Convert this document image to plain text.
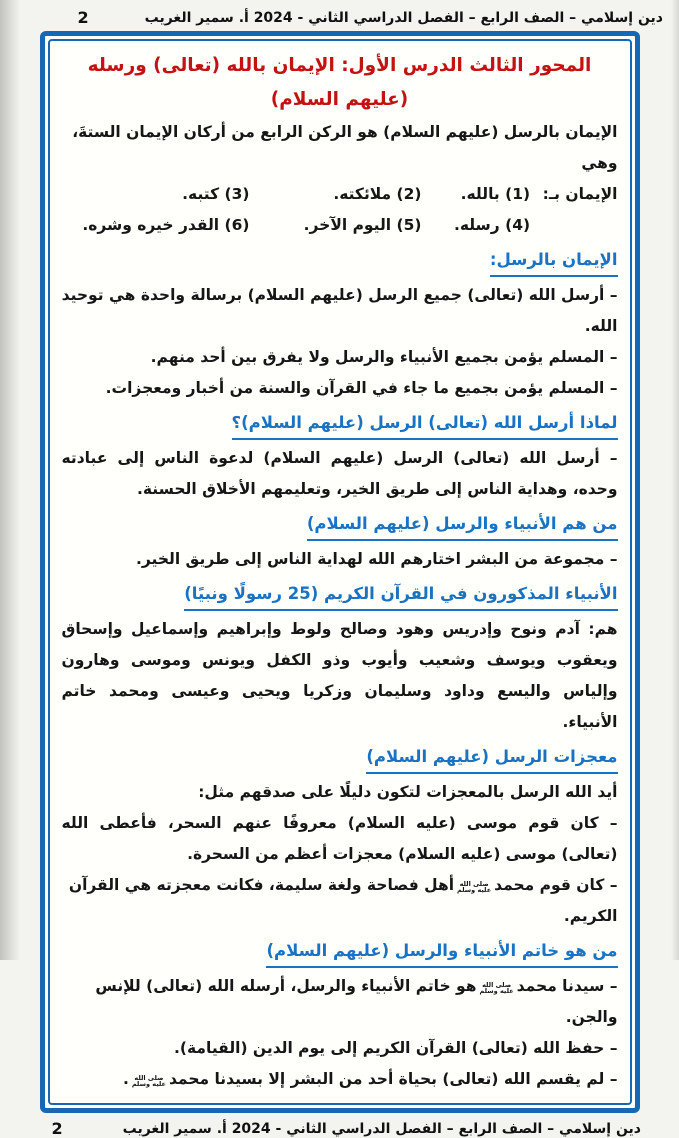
دين إسلامي – الصف الرابع – الفصل الدراسي الثاني - 2024 أ. سمير الغريب
2
المحور الثالث الدرس الأول: الإيمان بالله (تعالى) ورسله (عليهم السلام)
الإيمان بالرسل (عليهم السلام) هو الركن الرابع من أركان الإيمان الستةَ، وهي
الإيمان بـ: (1) بالله.
(2) ملائكته.
(3) كتبه.
(4) رسله.
(5) اليوم الآخر.
(6) القدر خيره وشره.
الإيمان بالرسل:
– أرسل الله (تعالى) جميع الرسل (عليهم السلام) برسالة واحدة هي توحيد الله.
– المسلم يؤمن بجميع الأنبياء والرسل ولا يفرق بين أحد منهم.
– المسلم يؤمن بجميع ما جاء في القرآن والسنة من أخبار ومعجزات.
لماذا أرسل الله (تعالى) الرسل (عليهم السلام)؟
– أرسل الله (تعالى) الرسل (عليهم السلام) لدعوة الناس إلى عبادته وحده، وهداية الناس إلى طريق الخير، وتعليمهم الأخلاق الحسنة.
من هم الأنبياء والرسل (عليهم السلام)
– مجموعة من البشر اختارهم الله لهداية الناس إلى طريق الخير.
الأنبياء المذكورون في القرآن الكريم (25 رسولًا ونبيًا)
هم: آدم ونوح وإدريس وهود وصالح ولوط وإبراهيم وإسماعيل وإسحاق ويعقوب ويوسف وشعيب وأيوب وذو الكفل ويونس وموسى وهارون وإلياس واليسع وداود وسليمان وزكريا ويحيى وعيسى ومحمد خاتم الأنبياء.
معجزات الرسل (عليهم السلام)
أيد الله الرسل بالمعجزات لتكون دليلًا على صدقهم مثل:
– كان قوم موسى (عليه السلام) معروفًا عنهم السحر، فأعطى الله (تعالى) موسى (عليه السلام) معجزات أعظم من السحرة.
– كان قوم محمد
صلى الله
عليه وسلم
أهل فصاحة ولغة سليمة، فكانت معجزته هي القرآن الكريم.
من هو خاتم الأنبياء والرسل (عليهم السلام)
– سيدنا محمد
صلى الله
عليه وسلم
هو خاتم الأنبياء والرسل، أرسله الله (تعالى) للإنس والجن.
– حفظ الله (تعالى) القرآن الكريم إلى يوم الدين (القيامة).
– لم يقسم الله (تعالى) بحياة أحد من البشر إلا بسيدنا محمد
صلى الله
عليه وسلم
.
دين إسلامي – الصف الرابع – الفصل الدراسي الثاني - 2024 أ. سمير الغريب
2
